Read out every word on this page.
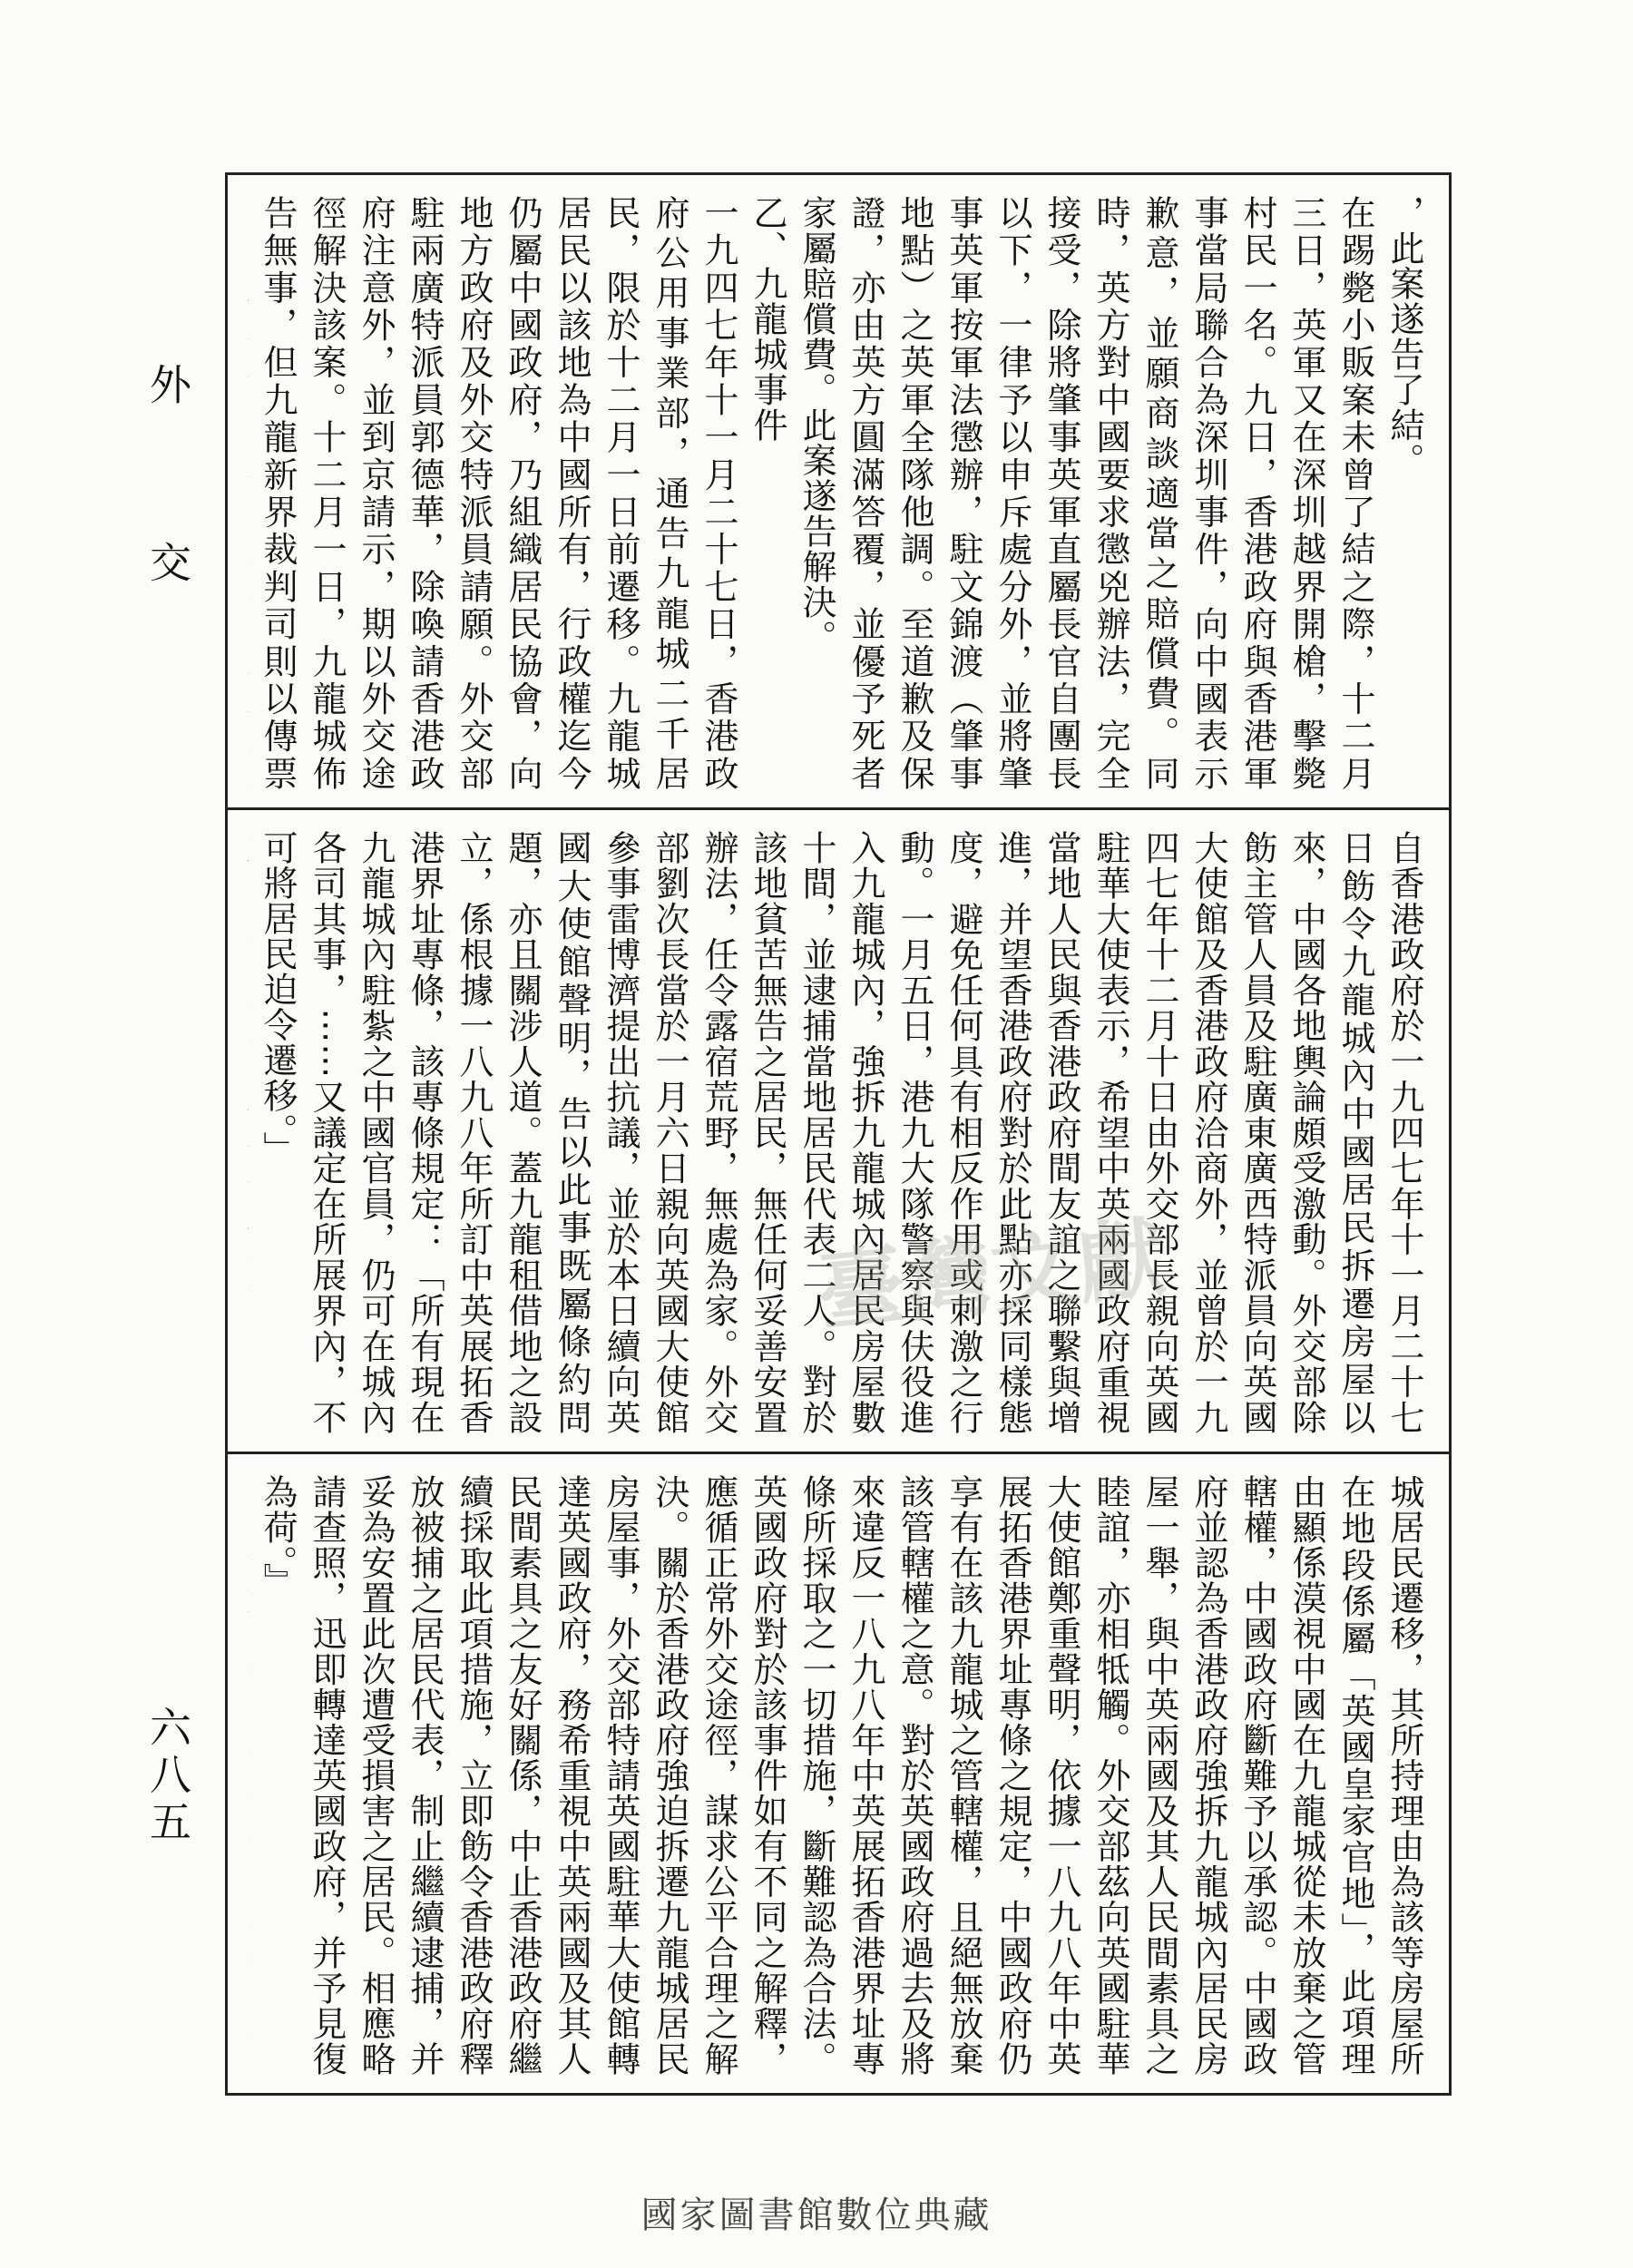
外交
六八五
，此案遂告了結。
在踢斃小販案未曾了結之際，十二月三日，英軍又在深圳越界開槍，擊斃村民一名。九日，香港政府與香港軍事當局聯合為深圳事件，向中國表示歉意，並願商談適當之賠償費。同時，英方對中國要求懲兇辦法，完全接受，除將肇事英軍直屬長官自團長以下，一律予以申斥處分外，並將肇事英軍按軍法懲辦，駐文錦渡（肇事地點）之英軍全隊他調。至道歉及保證，亦由英方圓滿答覆，並優予死者家屬賠償費。此案遂告解決。
乙、九龍城事件
一九四七年十一月二十七日，香港政府公用事業部，通告九龍城二千居民，限於十二月一日前遷移。九龍城居民以該地為中國所有，行政權迄今仍屬中國政府，乃組織居民協會，向地方政府及外交特派員請願。外交部駐兩廣特派員郭德華，除喚請香港政府注意外，並到京請示，期以外交途徑解決該案。十二月一日，九龍城佈告無事，但九龍新界裁判司則以傳票

自香港政府於一九四七年十一月二十七日飭令九龍城內中國居民拆遷房屋以來，中國各地輿論頗受激動。外交部除飭主管人員及駐廣東廣西特派員向英國大使館及香港政府洽商外，並曾於一九四七年十二月十日由外交部長親向英國駐華大使表示，希望中英兩國政府重視當地人民與香港政府間友誼之聯繫與增進，并望香港政府對於此點亦採同樣態度，避免任何具有相反作用或刺激之行動。一月五日，港九大隊警察與伕役進入九龍城內，強拆九龍城內居民房屋數十間，並逮捕當地居民代表二人。對於該地貧苦無告之居民，無任何妥善安置辦法，任令露宿荒野，無處為家。外交部劉次長當於一月六日親向英國大使館參事雷博濟提出抗議，並於本日續向英國大使館聲明，告以此事既屬條約問題，亦且關涉人道。蓋九龍租借地之設立，係根據一八九八年所訂中英展拓香港界址專條，該專條規定：「所有現在九龍城內駐紮之中國官員，仍可在城內各司其事，⋯⋯又議定在所展界內，不可將居民迫令遷移。」

城居民遷移，其所持理由為該等房屋所在地段係屬「英國皇家官地」，此項理由顯係漠視中國在九龍城從未放棄之管轄權，中國政府斷難予以承認。中國政府並認為香港政府強拆九龍城內居民房屋一舉，與中英兩國及其人民間素具之睦誼，亦相牴觸。外交部茲向英國駐華大使館鄭重聲明，依據一八九八年中英展拓香港界址專條之規定，中國政府仍享有在該九龍城之管轄權，且絕無放棄該管轄權之意。對於英國政府過去及將來違反一八九八年中英展拓香港界址專條所採取之一切措施，斷難認為合法。英國政府對於該事件如有不同之解釋，應循正常外交途徑，謀求公平合理之解決。關於香港政府強迫拆遷九龍城居民房屋事，外交部特請英國駐華大使館轉達英國政府，務希重視中英兩國及其人民間素具之友好關係，中止香港政府繼續採取此項措施，立即飭令香港政府釋放被捕之居民代表，制止繼續逮捕，并妥為安置此次遭受損害之居民。相應略請查照，迅即轉達英國政府，并予見復為荷。』

臺灣文獻
國家圖書館數位典藏
